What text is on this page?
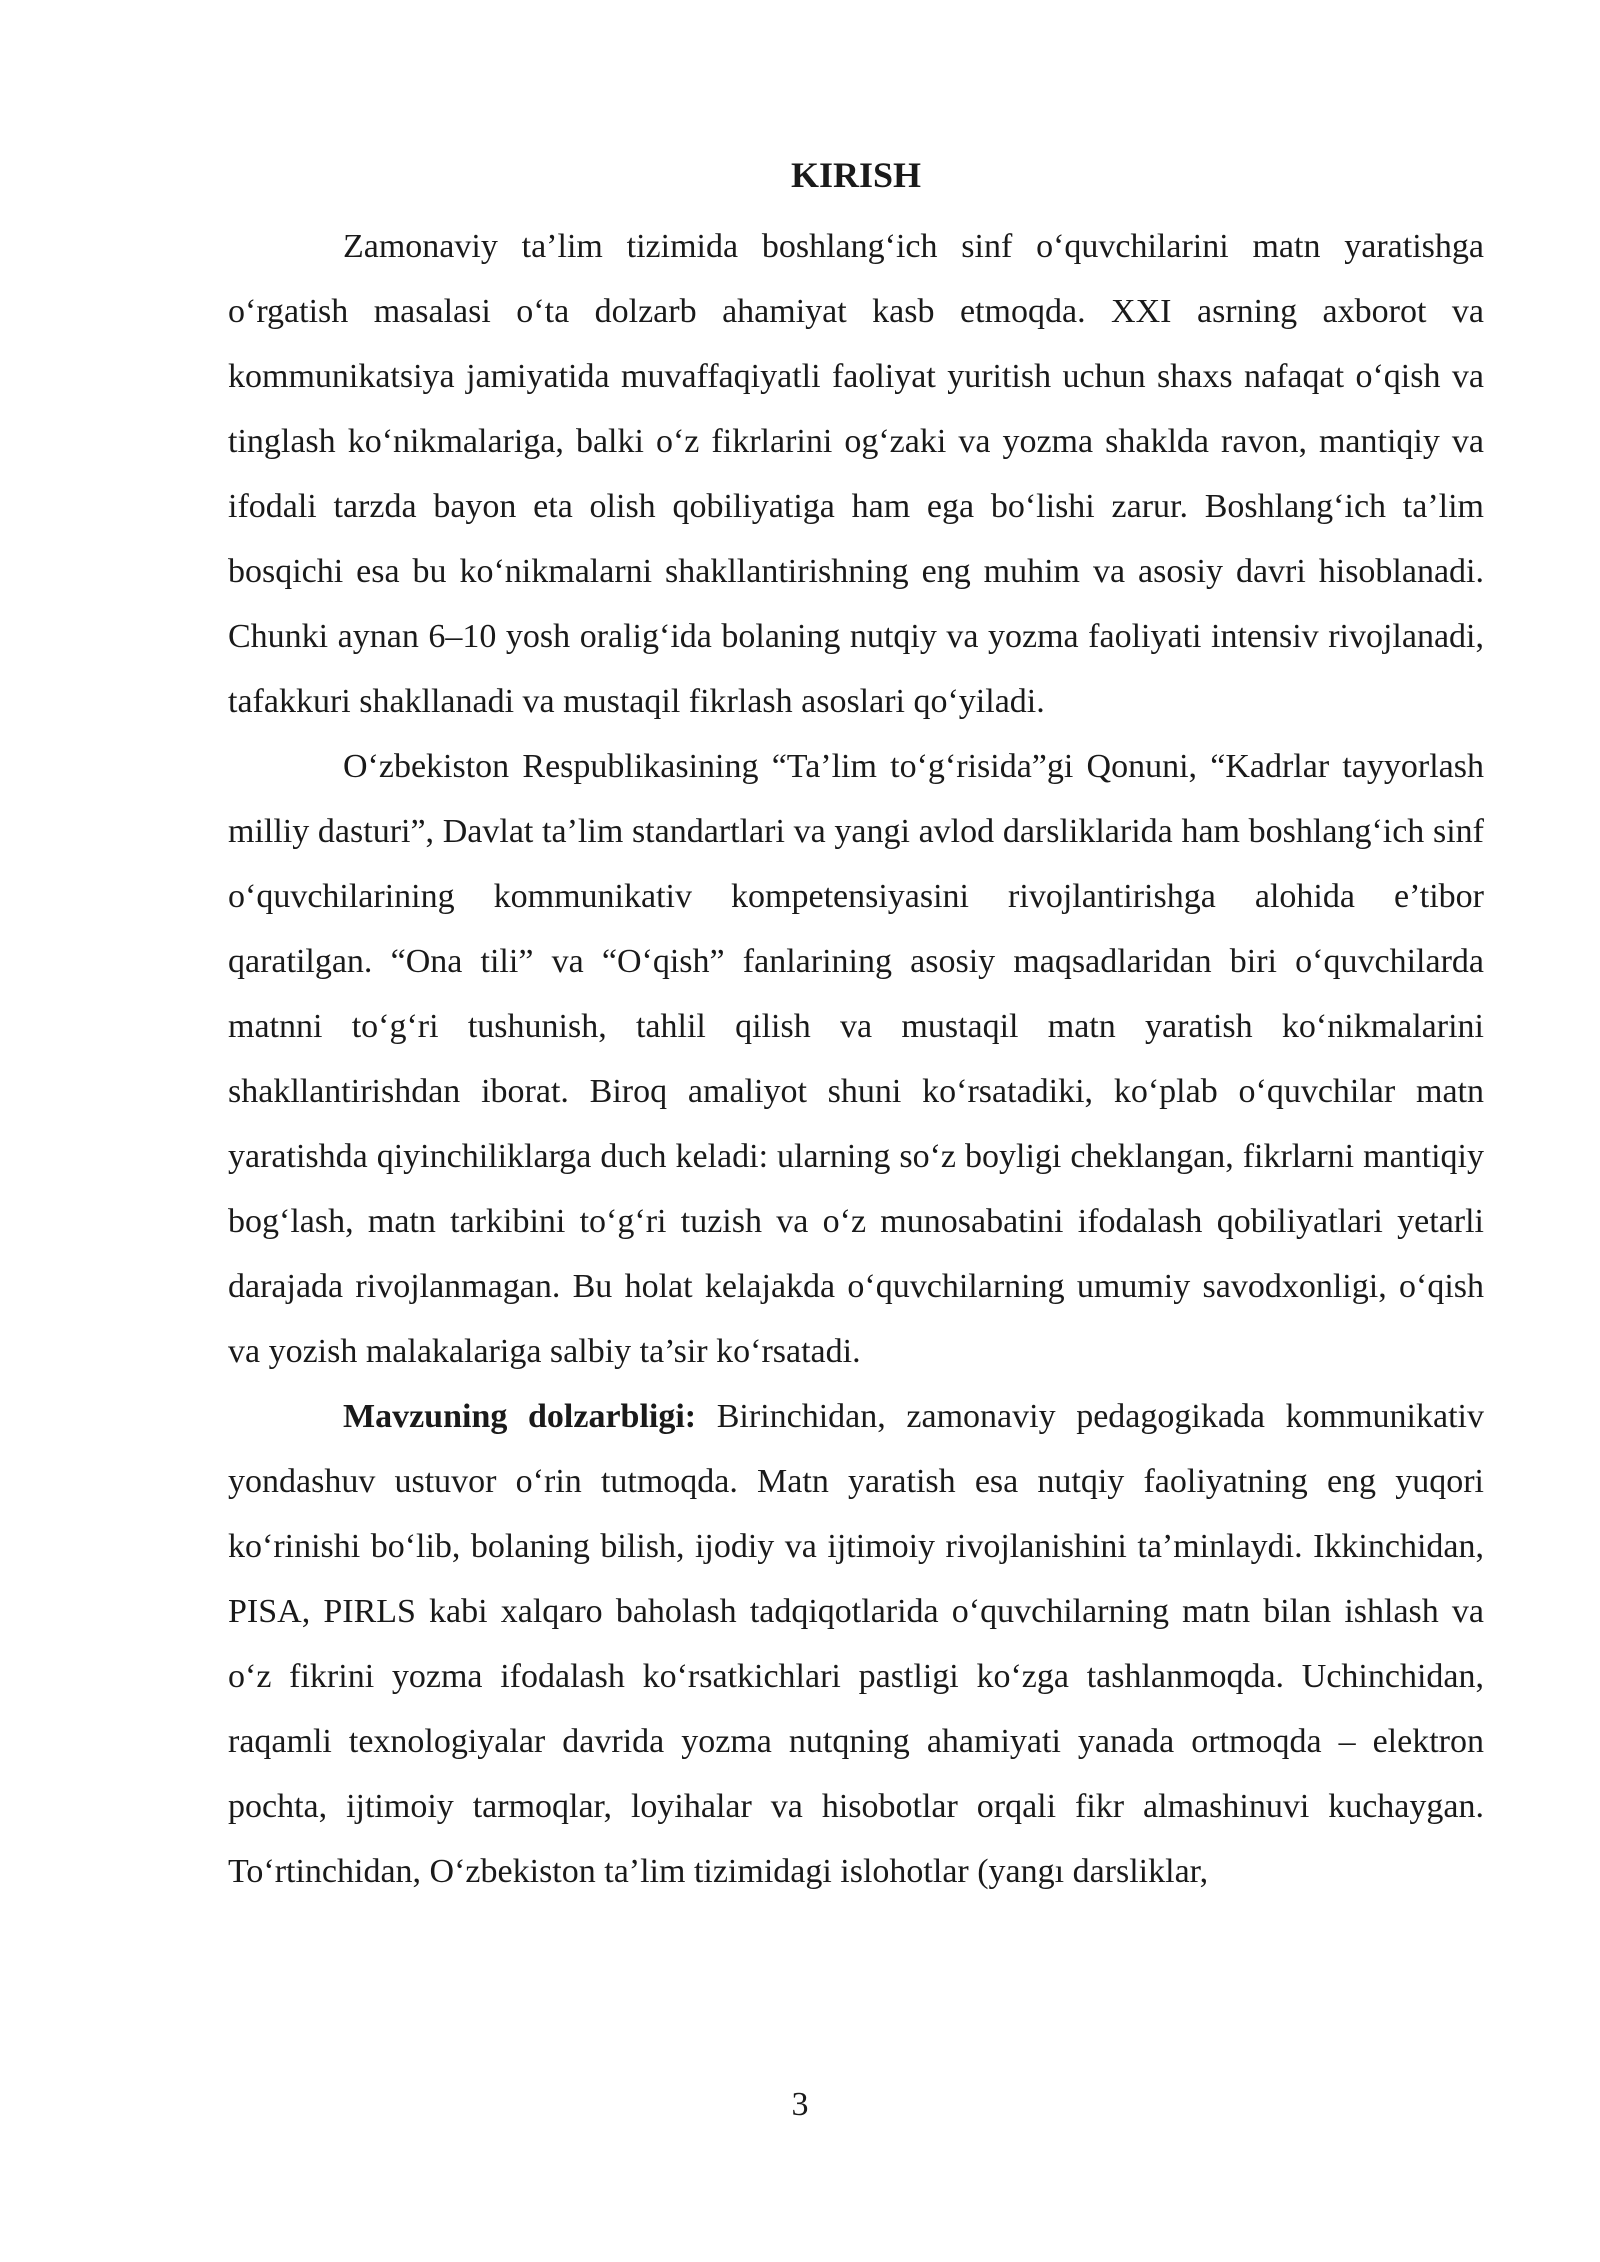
KIRISH

Zamonaviy ta’lim tizimida boshlang‘ich sinf o‘quvchilarini matn yaratishga o‘rgatish masalasi o‘ta dolzarb ahamiyat kasb etmoqda. XXI asrning axborot va kommunikatsiya jamiyatida muvaffaqiyatli faoliyat yuritish uchun shaxs nafaqat o‘qish va tinglash ko‘nikmalariga, balki o‘z fikrlarini og‘zaki va yozma shaklda ravon, mantiqiy va ifodali tarzda bayon eta olish qobiliyatiga ham ega bo‘lishi zarur. Boshlang‘ich ta’lim bosqichi esa bu ko‘nikmalarni shakllantirishning eng muhim va asosiy davri hisoblanadi. Chunki aynan 6–10 yosh oralig‘ida bolaning nutqiy va yozma faoliyati intensiv rivojlanadi, tafakkuri shakllanadi va mustaqil fikrlash asoslari qo‘yiladi.

O‘zbekiston Respublikasining “Ta’lim to‘g‘risida”gi Qonuni, “Kadrlar tayyorlash milliy dasturi”, Davlat ta’lim standartlari va yangi avlod darsliklarida ham boshlang‘ich sinf o‘quvchilarining kommunikativ kompetensiyasini rivojlantirishga alohida e’tibor qaratilgan. “Ona tili” va “O‘qish” fanlarining asosiy maqsadlaridan biri o‘quvchilarda matnni to‘g‘ri tushunish, tahlil qilish va mustaqil matn yaratish ko‘nikmalarini shakllantirishdan iborat. Biroq amaliyot shuni ko‘rsatadiki, ko‘plab o‘quvchilar matn yaratishda qiyinchiliklarga duch keladi: ularning so‘z boyligi cheklangan, fikrlarni mantiqiy bog‘lash, matn tarkibini to‘g‘ri tuzish va o‘z munosabatini ifodalash qobiliyatlari yetarli darajada rivojlanmagan. Bu holat kelajakda o‘quvchilarning umumiy savodxonligi, o‘qish va yozish malakalariga salbiy ta’sir ko‘rsatadi.

Mavzuning dolzarbligi: Birinchidan, zamonaviy pedagogikada kommunikativ yondashuv ustuvor o‘rin tutmoqda. Matn yaratish esa nutqiy faoliyatning eng yuqori ko‘rinishi bo‘lib, bolaning bilish, ijodiy va ijtimoiy rivojlanishini ta’minlaydi. Ikkinchidan, PISA, PIRLS kabi xalqaro baholash tadqiqotlarida o‘quvchilarning matn bilan ishlash va o‘z fikrini yozma ifodalash ko‘rsatkichlari pastligi ko‘zga tashlanmoqda. Uchinchidan, raqamli texnologiyalar davrida yozma nutqning ahamiyati yanada ortmoqda – elektron pochta, ijtimoiy tarmoqlar, loyihalar va hisobotlar orqali fikr almashinuvi kuchaygan. To‘rtinchidan, O‘zbekiston ta’lim tizimidagi islohotlar (yangı darsliklar,

3
